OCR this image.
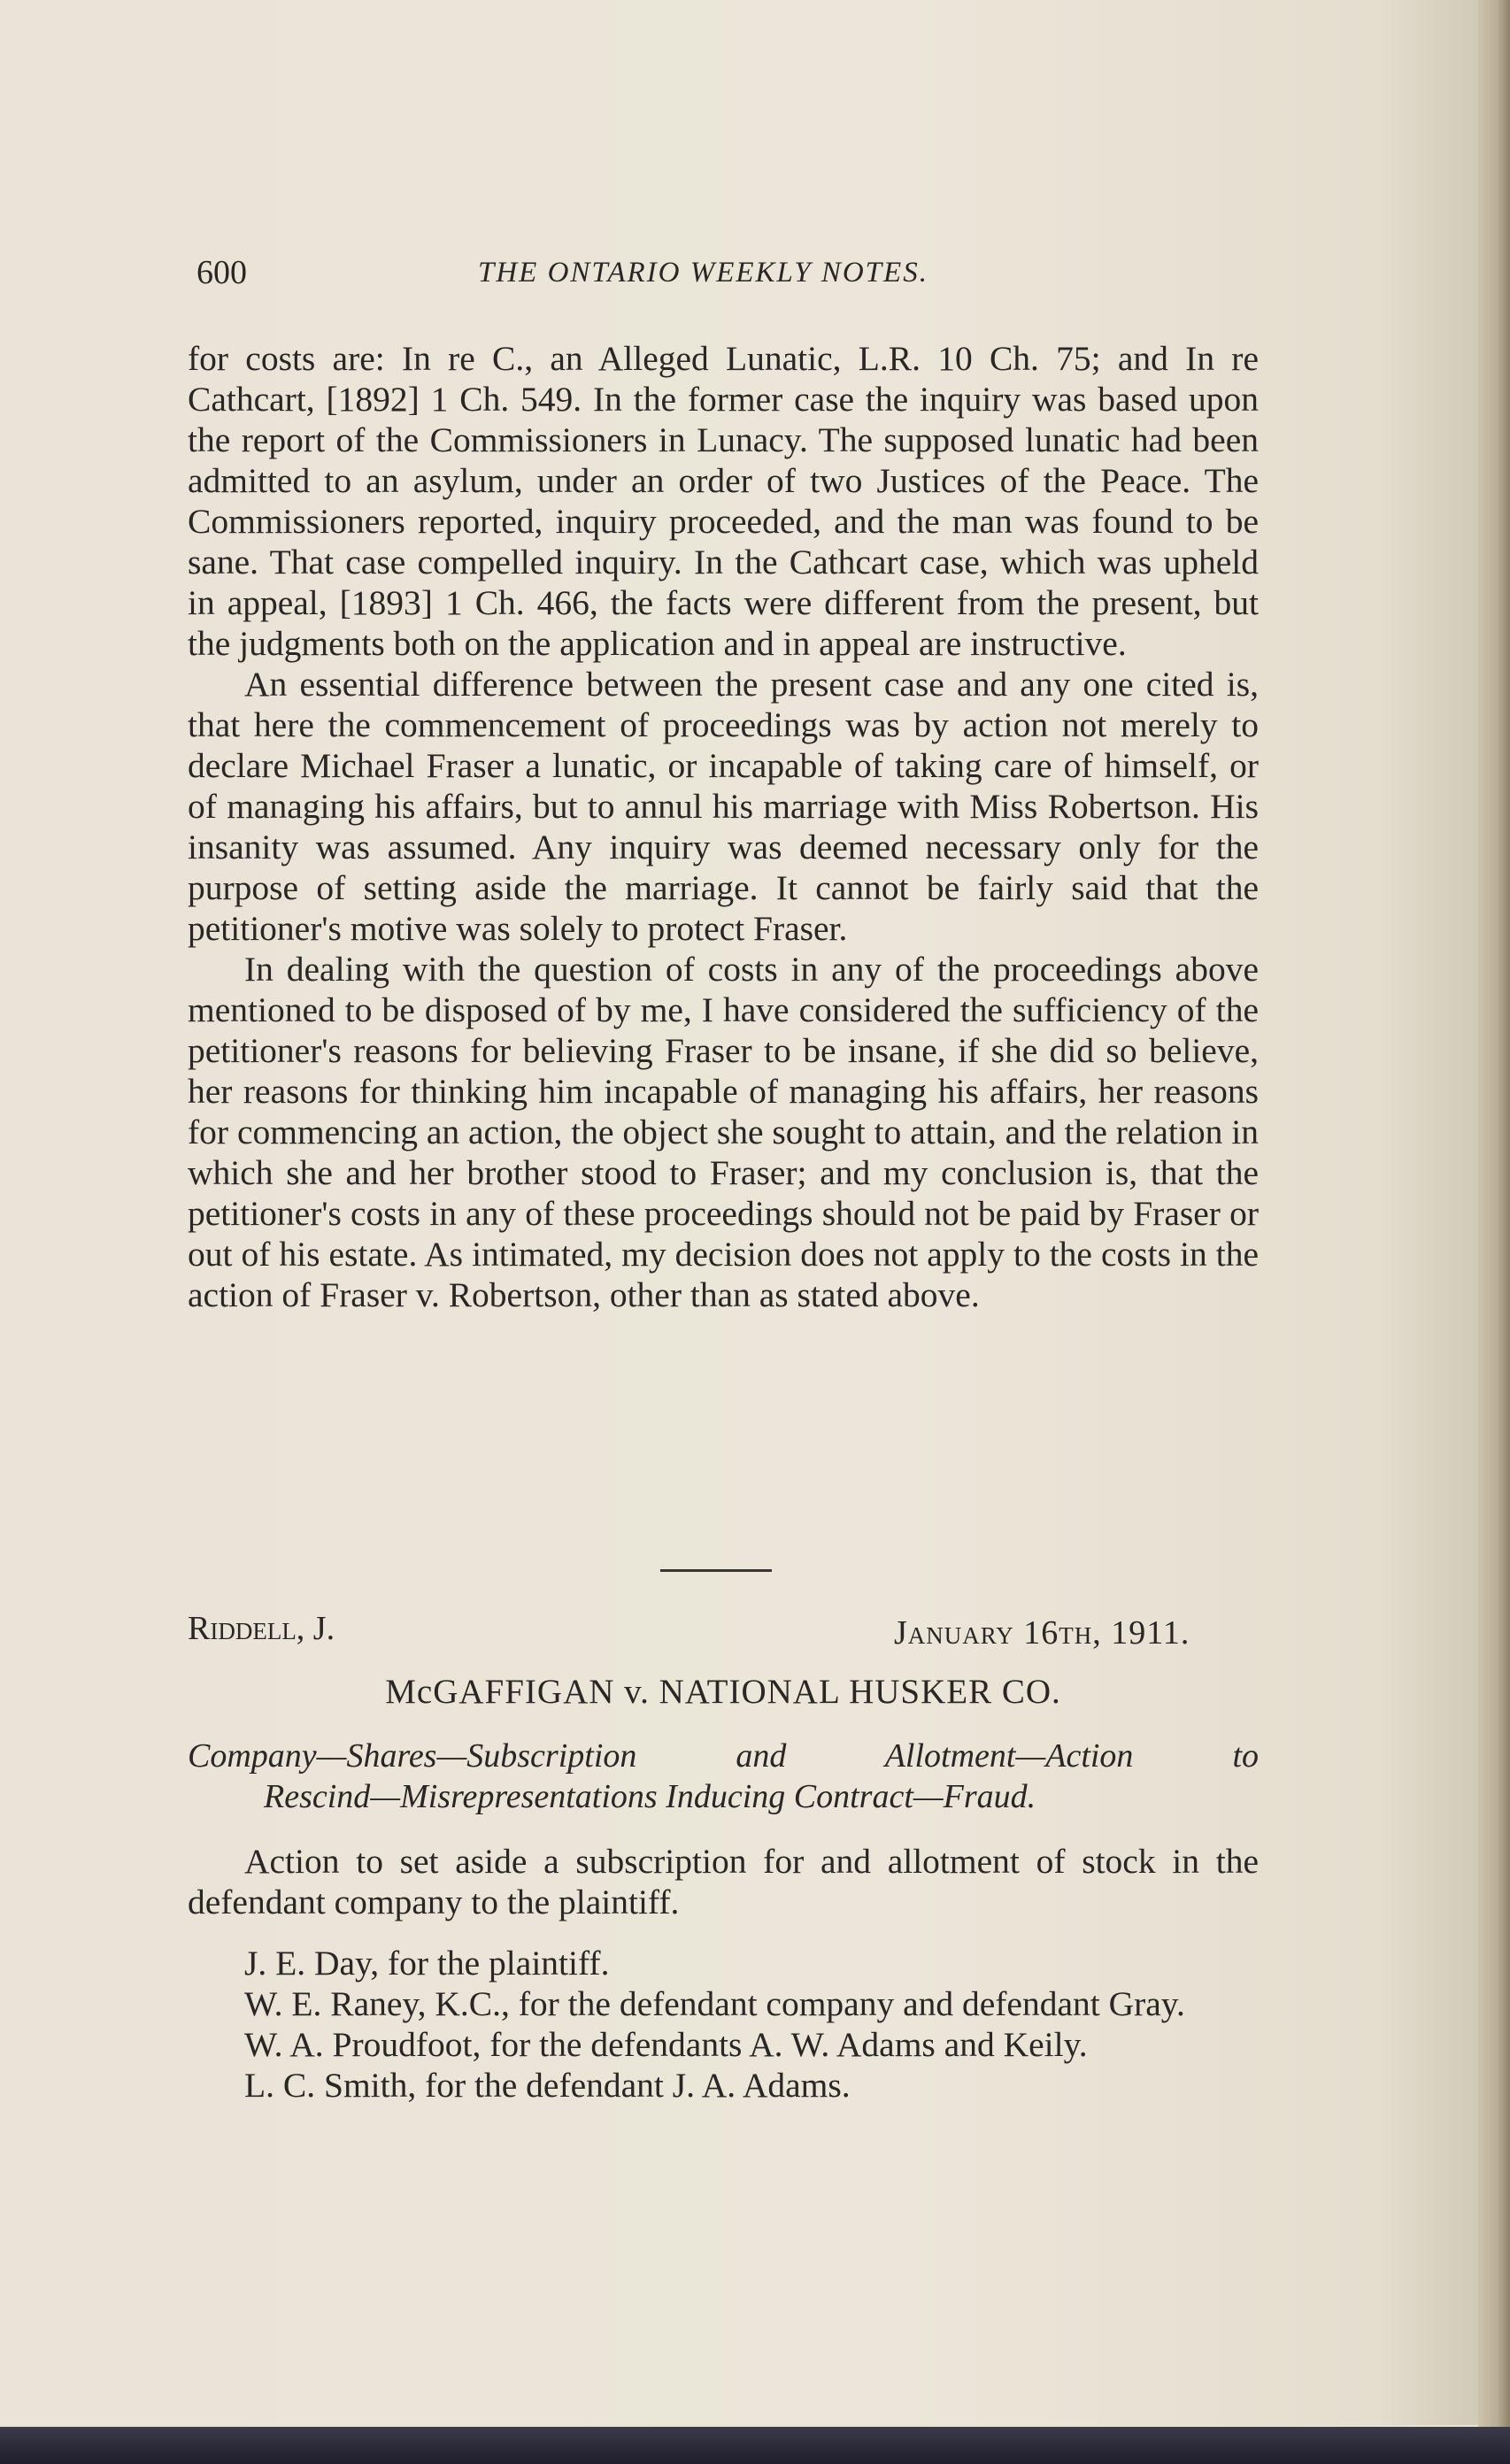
600	THE ONTARIO WEEKLY NOTES.

for costs are: In re C., an Alleged Lunatic, L.R. 10 Ch. 75; and In re Cathcart, [1892] 1 Ch. 549. In the former case the inquiry was based upon the report of the Commissioners in Lunacy. The supposed lunatic had been admitted to an asylum, under an order of two Justices of the Peace. The Commissioners reported, inquiry proceeded, and the man was found to be sane. That case compelled inquiry. In the Cathcart case, which was upheld in appeal, [1893] 1 Ch. 466, the facts were different from the present, but the judgments both on the application and in appeal are instructive.

An essential difference between the present case and any one cited is, that here the commencement of proceedings was by action not merely to declare Michael Fraser a lunatic, or incapable of taking care of himself, or of managing his affairs, but to annul his marriage with Miss Robertson. His insanity was assumed. Any inquiry was deemed necessary only for the purpose of setting aside the marriage. It cannot be fairly said that the petitioner's motive was solely to protect Fraser.

In dealing with the question of costs in any of the proceedings above mentioned to be disposed of by me, I have considered the sufficiency of the petitioner's reasons for believing Fraser to be insane, if she did so believe, her reasons for thinking him incapable of managing his affairs, her reasons for commencing an action, the object she sought to attain, and the relation in which she and her brother stood to Fraser; and my conclusion is, that the petitioner's costs in any of these proceedings should not be paid by Fraser or out of his estate. As intimated, my decision does not apply to the costs in the action of Fraser v. Robertson, other than as stated above.

Riddell, J.	January 16th, 1911.
McGAFFIGAN v. NATIONAL HUSKER CO.
Company—Shares—Subscription and Allotment—Action to
Rescind—Misrepresentations Inducing Contract—Fraud.

Action to set aside a subscription for and allotment of stock in the defendant company to the plaintiff.

J. E. Day, for the plaintiff.

W. E. Raney, K.C., for the defendant company and defendant Gray.

W. A. Proudfoot, for the defendants A. W. Adams and Keily.

L. C. Smith, for the defendant J. A. Adams.
